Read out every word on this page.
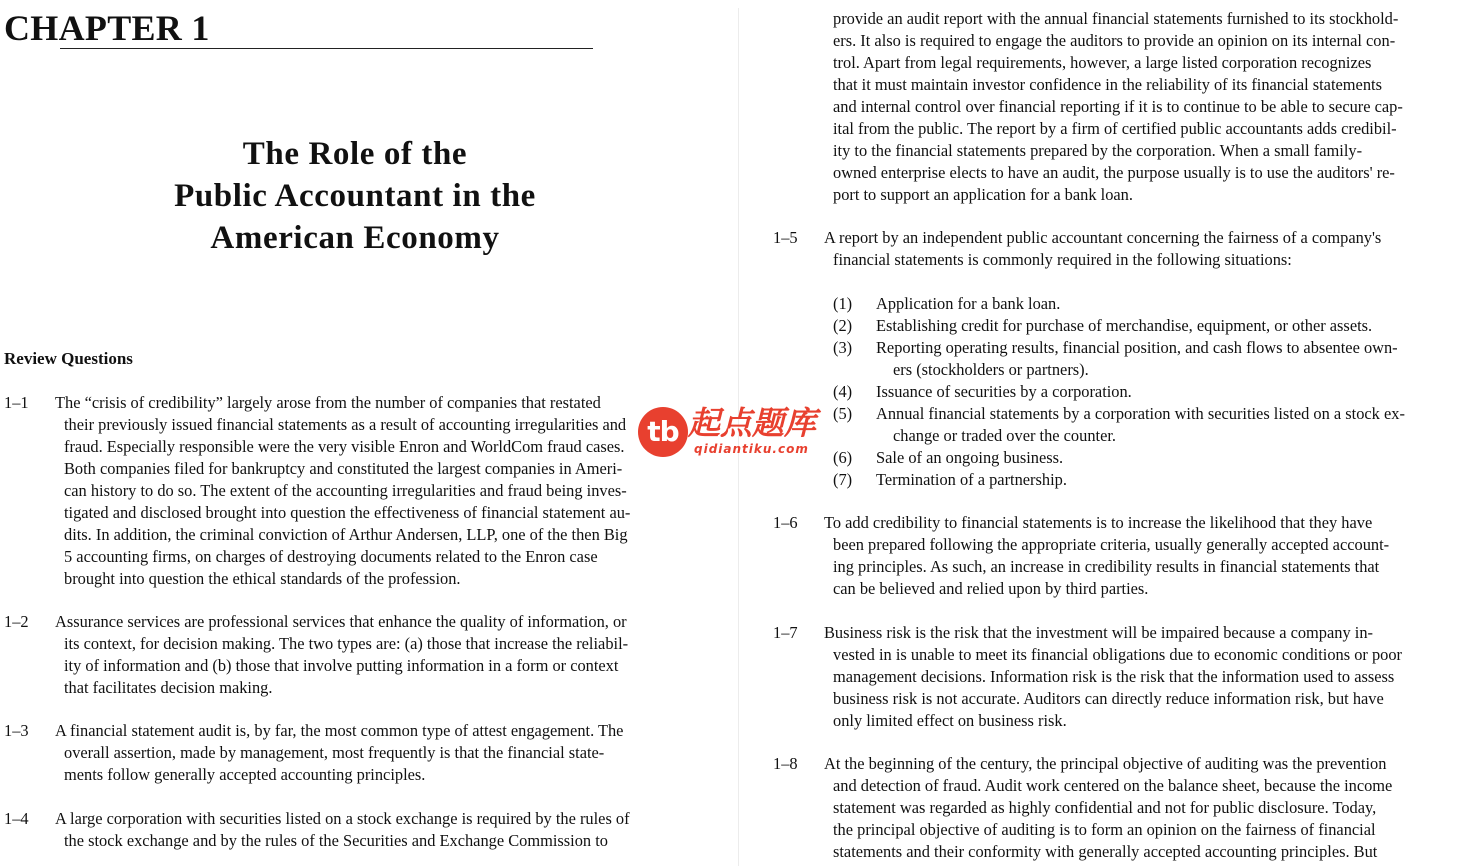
CHAPTER 1
The Role of the
Public Accountant in the
American Economy
Review Questions
1–1 The “crisis of credibility” largely arose from the number of companies that restated
their previously issued financial statements as a result of accounting irregularities and
fraud. Especially responsible were the very visible Enron and WorldCom fraud cases.
Both companies filed for bankruptcy and constituted the largest companies in Ameri-
can history to do so. The extent of the accounting irregularities and fraud being inves-
tigated and disclosed brought into question the effectiveness of financial statement au-
dits. In addition, the criminal conviction of Arthur Andersen, LLP, one of the then Big
5 accounting firms, on charges of destroying documents related to the Enron case
brought into question the ethical standards of the profession.
1–2 Assurance services are professional services that enhance the quality of information, or
its context, for decision making. The two types are: (a) those that increase the reliabil-
ity of information and (b) those that involve putting information in a form or context
that facilitates decision making.
1–3 A financial statement audit is, by far, the most common type of attest engagement. The
overall assertion, made by management, most frequently is that the financial state-
ments follow generally accepted accounting principles.
1–4 A large corporation with securities listed on a stock exchange is required by the rules of
the stock exchange and by the rules of the Securities and Exchange Commission to
provide an audit report with the annual financial statements furnished to its stockhold-
ers. It also is required to engage the auditors to provide an opinion on its internal con-
trol. Apart from legal requirements, however, a large listed corporation recognizes
that it must maintain investor confidence in the reliability of its financial statements
and internal control over financial reporting if it is to continue to be able to secure cap-
ital from the public. The report by a firm of certified public accountants adds credibil-
ity to the financial statements prepared by the corporation. When a small family-
owned enterprise elects to have an audit, the purpose usually is to use the auditors' re-
port to support an application for a bank loan.
1–5 A report by an independent public accountant concerning the fairness of a company's
financial statements is commonly required in the following situations:
(1) Application for a bank loan.
(2) Establishing credit for purchase of merchandise, equipment, or other assets.
(3) Reporting operating results, financial position, and cash flows to absentee own-
ers (stockholders or partners).
(4) Issuance of securities by a corporation.
(5) Annual financial statements by a corporation with securities listed on a stock ex-
change or traded over the counter.
(6) Sale of an ongoing business.
(7) Termination of a partnership.
1–6 To add credibility to financial statements is to increase the likelihood that they have
been prepared following the appropriate criteria, usually generally accepted account-
ing principles. As such, an increase in credibility results in financial statements that
can be believed and relied upon by third parties.
1–7 Business risk is the risk that the investment will be impaired because a company in-
vested in is unable to meet its financial obligations due to economic conditions or poor
management decisions. Information risk is the risk that the information used to assess
business risk is not accurate. Auditors can directly reduce information risk, but have
only limited effect on business risk.
1–8 At the beginning of the century, the principal objective of auditing was the prevention
and detection of fraud. Audit work centered on the balance sheet, because the income
statement was regarded as highly confidential and not for public disclosure. Today,
the principal objective of auditing is to form an opinion on the fairness of financial
statements and their conformity with generally accepted accounting principles. But
tb 起点题库
qidiantiku.com
